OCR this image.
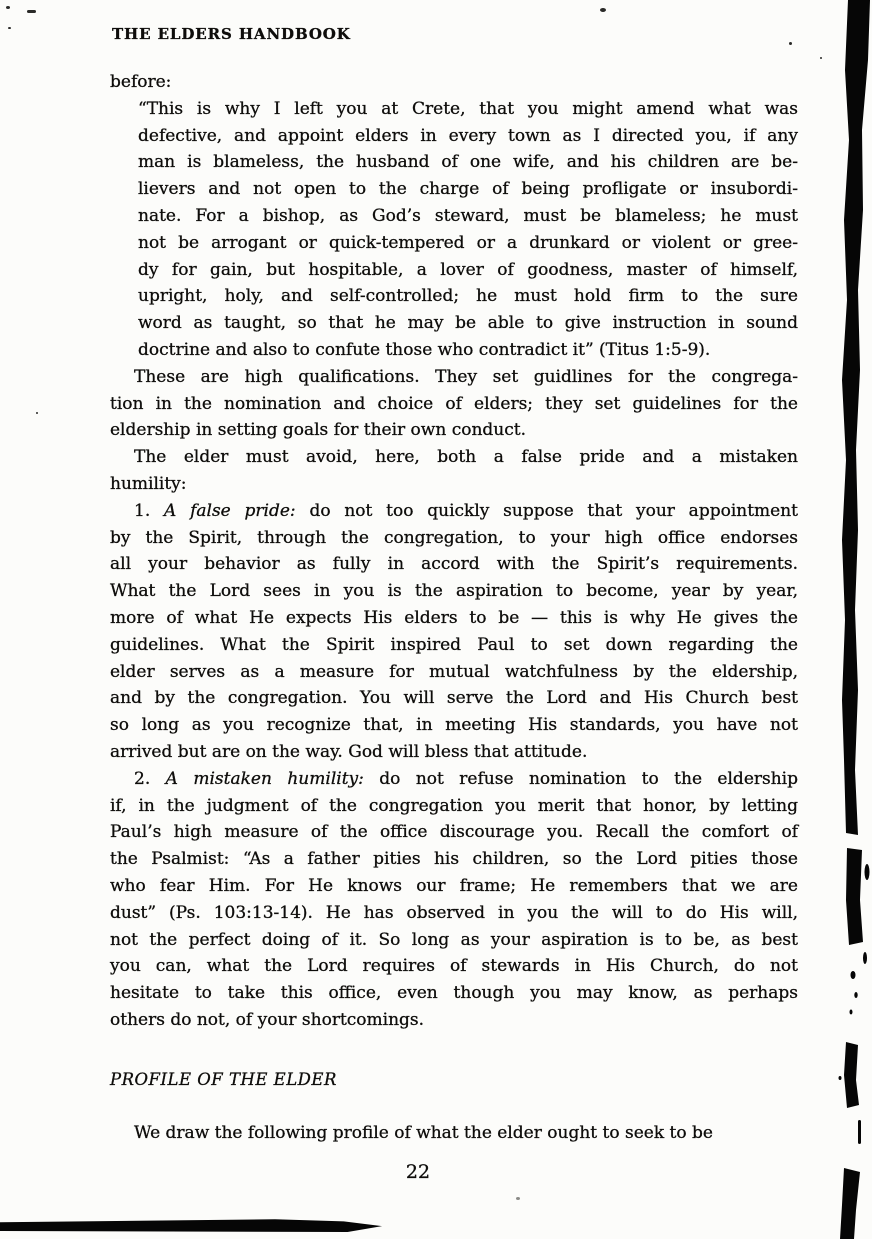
THE ELDERS HANDBOOK
before:
“This is why I left you at Crete, that you might amend what was
defective, and appoint elders in every town as I directed you, if any
man is blameless, the husband of one wife, and his children are be-
lievers and not open to the charge of being profligate or insubordi-
nate. For a bishop, as God’s steward, must be blameless; he must
not be arrogant or quick-tempered or a drunkard or violent or gree-
dy for gain, but hospitable, a lover of goodness, master of himself,
upright, holy, and self-controlled; he must hold firm to the sure
word as taught, so that he may be able to give instruction in sound
doctrine and also to confute those who contradict it” (Titus 1:5-9).
These are high qualifications. They set guidlines for the congrega-
tion in the nomination and choice of elders; they set guidelines for the
eldership in setting goals for their own conduct.
The elder must avoid, here, both a false pride and a mistaken
humility:
1. A false pride: do not too quickly suppose that your appointment
by the Spirit, through the congregation, to your high office endorses
all your behavior as fully in accord with the Spirit’s requirements.
What the Lord sees in you is the aspiration to become, year by year,
more of what He expects His elders to be — this is why He gives the
guidelines. What the Spirit inspired Paul to set down regarding the
elder serves as a measure for mutual watchfulness by the eldership,
and by the congregation. You will serve the Lord and His Church best
so long as you recognize that, in meeting His standards, you have not
arrived but are on the way. God will bless that attitude.
2. A mistaken humility: do not refuse nomination to the eldership
if, in the judgment of the congregation you merit that honor, by letting
Paul’s high measure of the office discourage you. Recall the comfort of
the Psalmist: “As a father pities his children, so the Lord pities those
who fear Him. For He knows our frame; He remembers that we are
dust” (Ps. 103:13-14). He has observed in you the will to do His will,
not the perfect doing of it. So long as your aspiration is to be, as best
you can, what the Lord requires of stewards in His Church, do not
hesitate to take this office, even though you may know, as perhaps
others do not, of your shortcomings.
PROFILE OF THE ELDER
We draw the following profile of what the elder ought to seek to be
22
